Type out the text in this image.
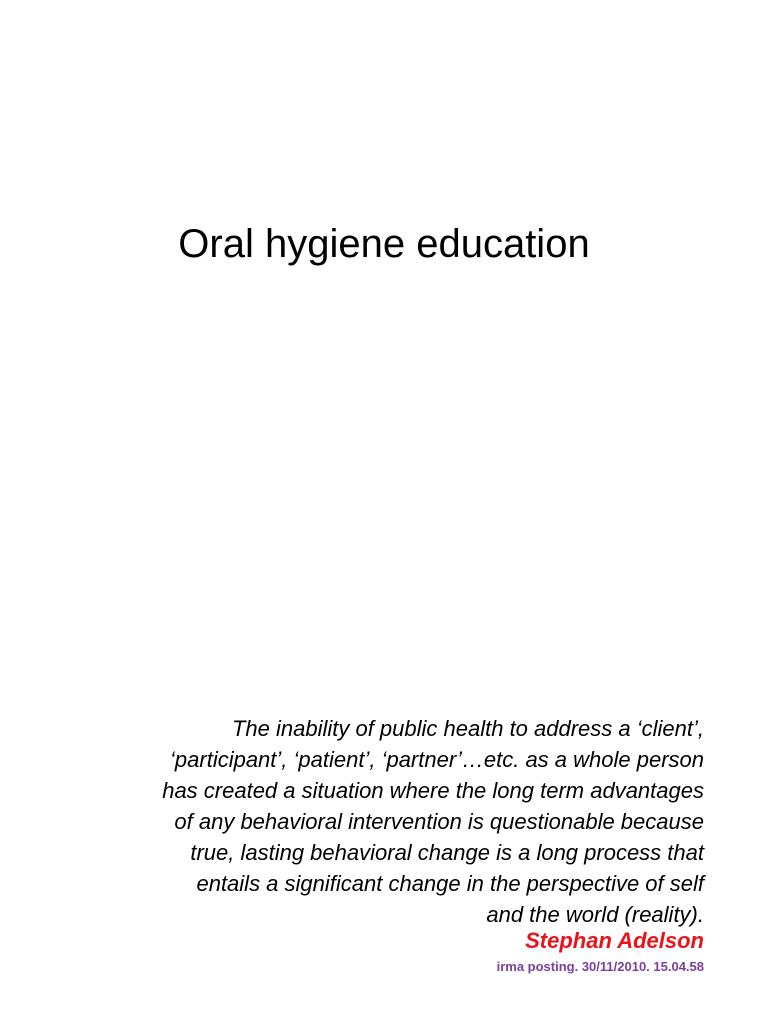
Oral hygiene education
The inability of public health to address a ‘client’,
‘participant’, ‘patient’, ‘partner’…etc. as a whole person
has created a situation where the long term advantages
of any behavioral intervention is questionable because
true, lasting behavioral change is a long process that
entails a significant change in the perspective of self
and the world (reality).
Stephan Adelson
irma posting. 30/11/2010. 15.04.58
